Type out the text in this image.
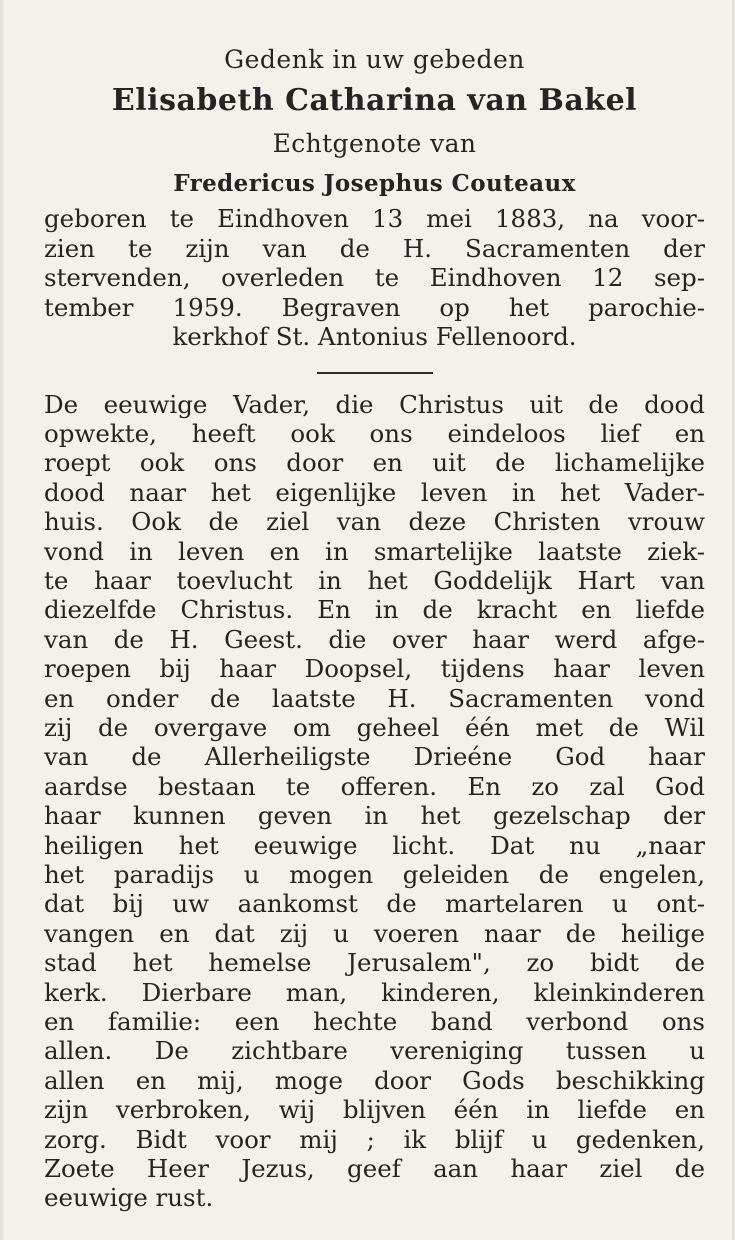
Gedenk in uw gebeden

Elisabeth Catharina van Bakel

Echtgenote van

Fredericus Josephus Couteaux

geboren te Eindhoven 13 mei 1883, na voor-
zien te zijn van de H. Sacramenten der
stervenden, overleden te Eindhoven 12 sep-
tember 1959. Begraven op het parochie-
kerkhof St. Antonius Fellenoord.
De eeuwige Vader, die Christus uit de dood
opwekte, heeft ook ons eindeloos lief en
roept ook ons door en uit de lichamelijke
dood naar het eigenlijke leven in het Vader-
huis. Ook de ziel van deze Christen vrouw
vond in leven en in smartelijke laatste ziek-
te haar toevlucht in het Goddelijk Hart van
diezelfde Christus. En in de kracht en liefde
van de H. Geest. die over haar werd afge-
roepen bij haar Doopsel, tijdens haar leven
en onder de laatste H. Sacramenten vond
zij de overgave om geheel één met de Wil
van de Allerheiligste Drieéne God haar
aardse bestaan te offeren. En zo zal God
haar kunnen geven in het gezelschap der
heiligen het eeuwige licht. Dat nu „naar
het paradijs u mogen geleiden de engelen,
dat bij uw aankomst de martelaren u ont-
vangen en dat zij u voeren naar de heilige
stad het hemelse Jerusalem", zo bidt de
kerk. Dierbare man, kinderen, kleinkinderen
en familie: een hechte band verbond ons
allen. De zichtbare vereniging tussen u
allen en mij, moge door Gods beschikking
zijn verbroken, wij blijven één in liefde en
zorg. Bidt voor mij ; ik blijf u gedenken,
Zoete Heer Jezus, geef aan haar ziel de
eeuwige rust.
